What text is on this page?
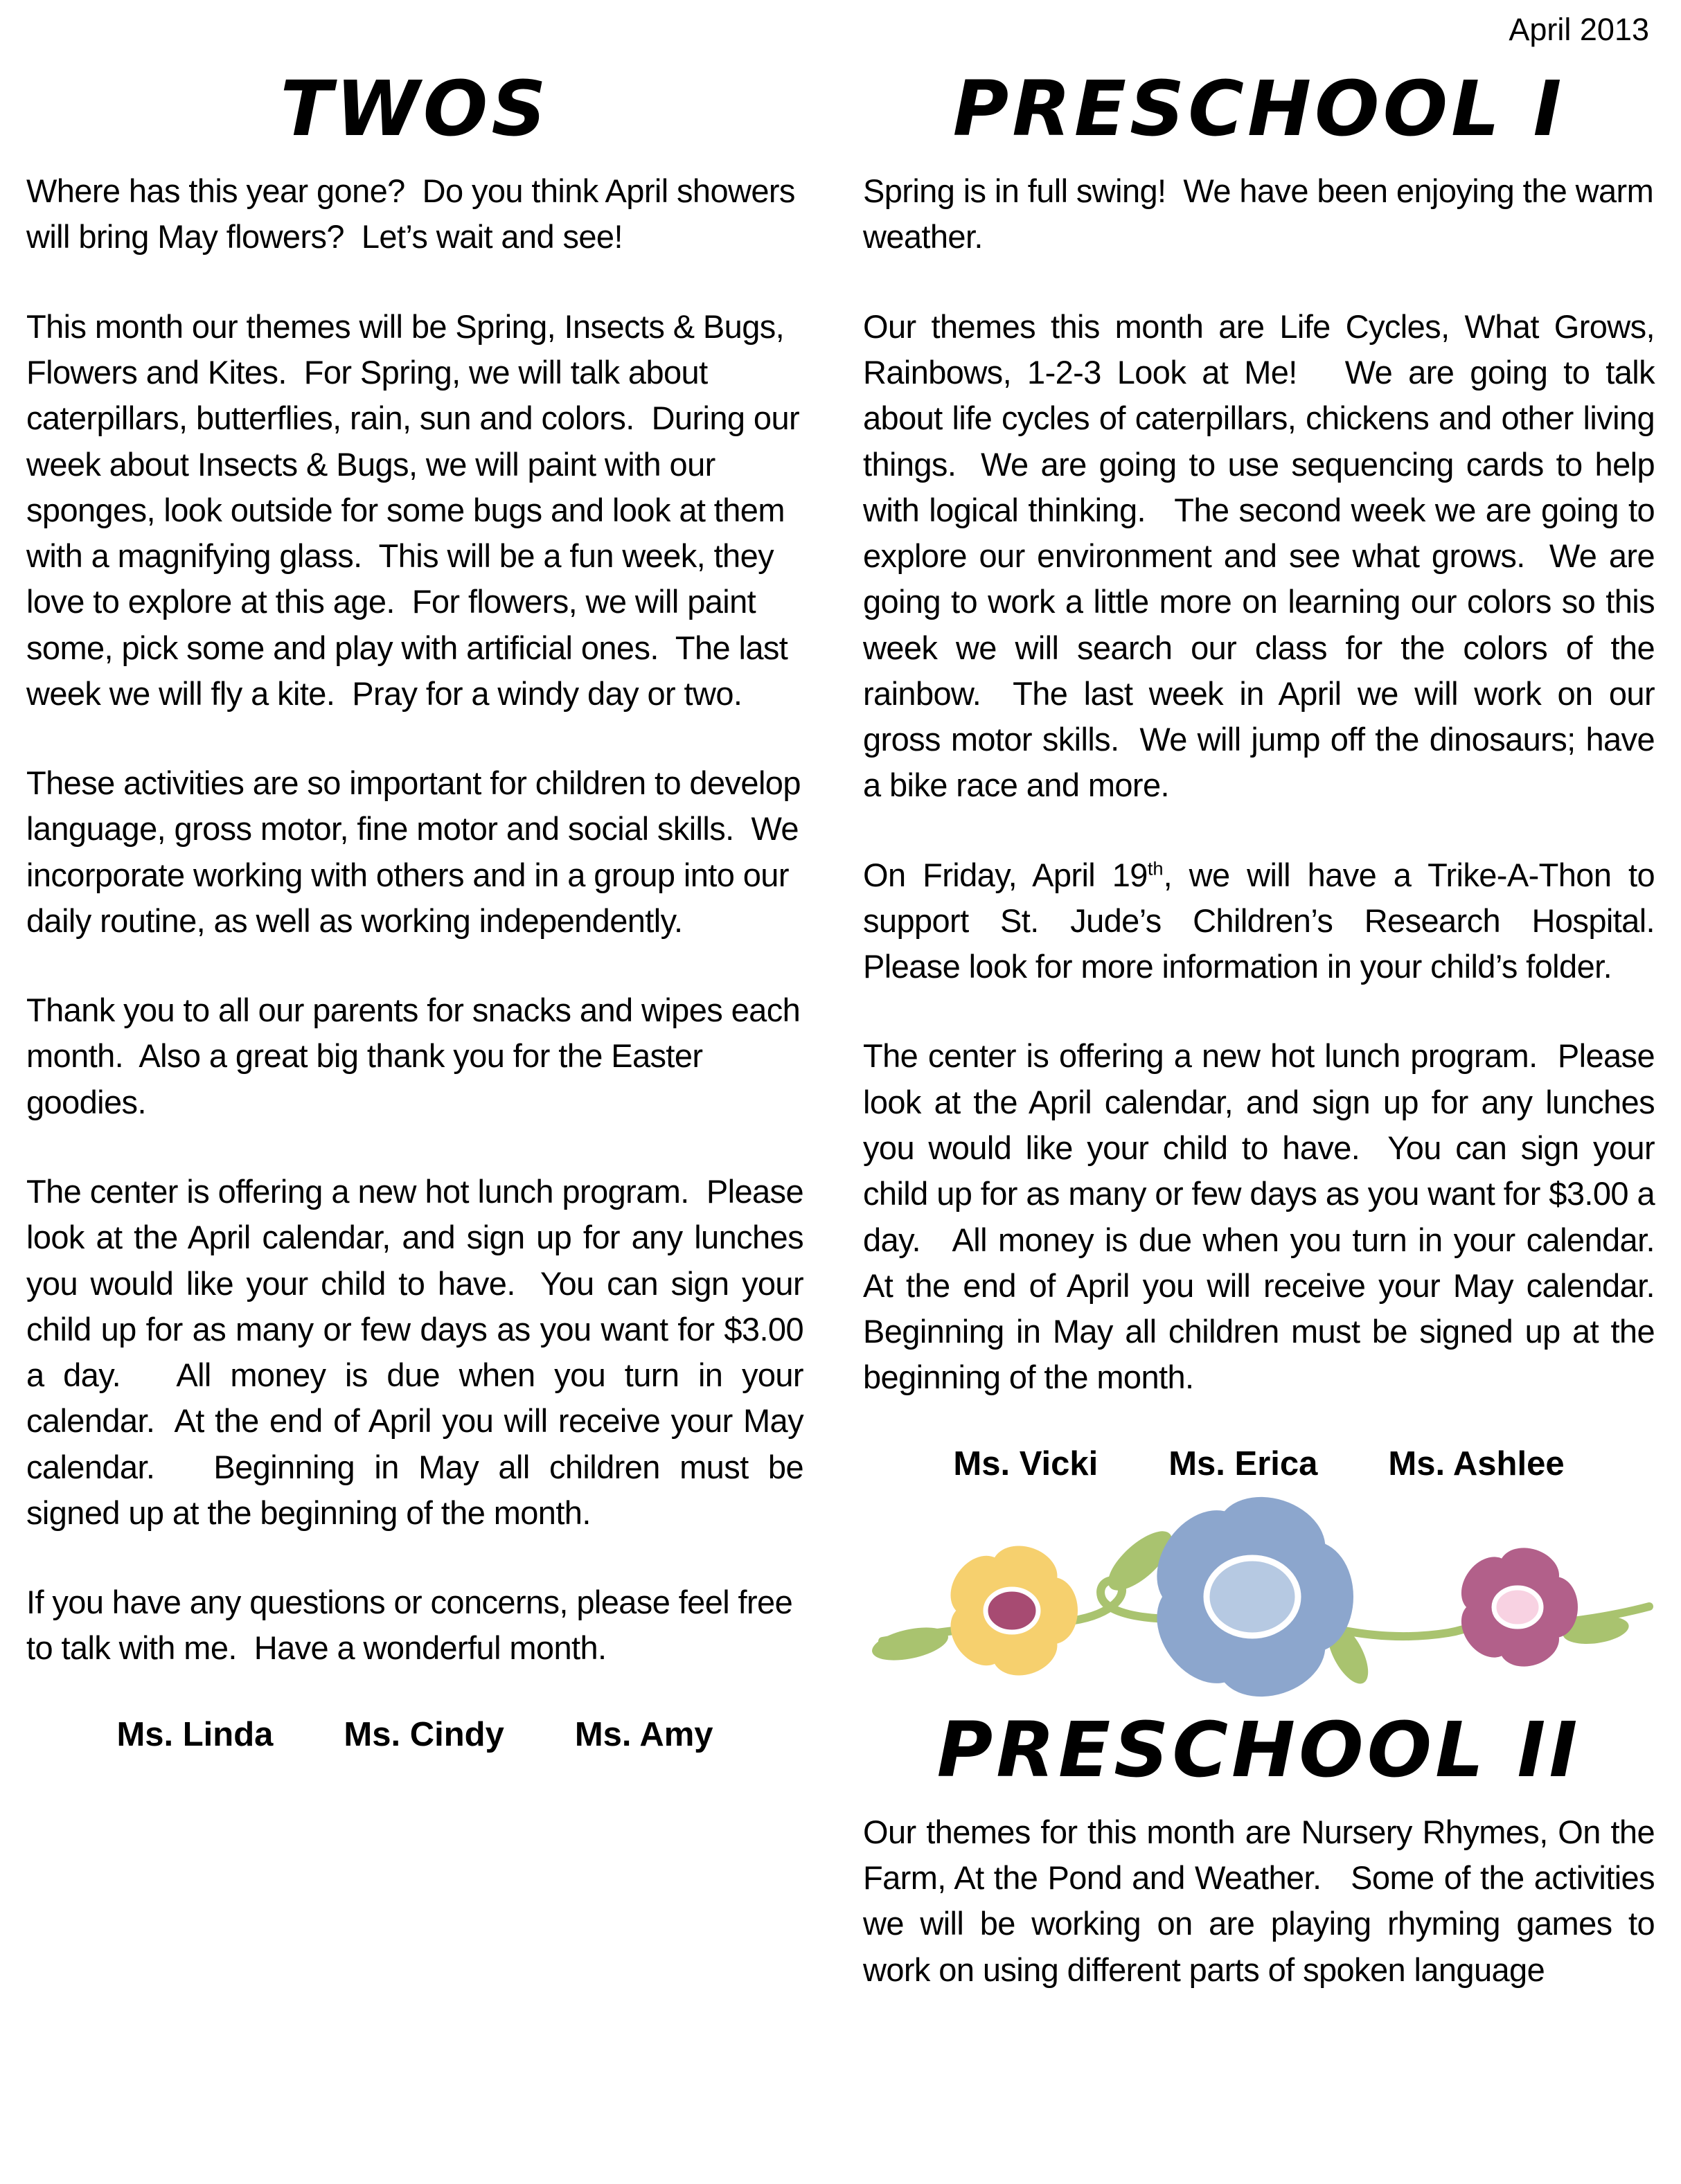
April 2013
TWOS

Where has this year gone?  Do you think April showers will bring May flowers?  Let’s wait and see!

This month our themes will be Spring, Insects & Bugs, Flowers and Kites.  For Spring, we will talk about caterpillars, butterflies, rain, sun and colors.  During our week about Insects & Bugs, we will paint with our sponges, look outside for some bugs and look at them with a magnifying glass.  This will be a fun week, they love to explore at this age.  For flowers, we will paint some, pick some and play with artificial ones.  The last week we will fly a kite.  Pray for a windy day or two.

These activities are so important for children to develop language, gross motor, fine motor and social skills.  We incorporate working with others and in a group into our daily routine, as well as working independently.

Thank you to all our parents for snacks and wipes each month.  Also a great big thank you for the Easter goodies.

The center is offering a new hot lunch program.  Please look at the April calendar, and sign up for any lunches you would like your child to have.  You can sign your child up for as many or few days as you want for $3.00 a day.   All money is due when you turn in your calendar.  At the end of April you will receive your May calendar.   Beginning in May all children must be signed up at the beginning of the month.

If you have any questions or concerns, please feel free to talk with me.  Have a wonderful month.

Ms. Linda Ms. Cindy Ms. Amy
PRESCHOOL I

Spring is in full swing!  We have been enjoying the warm weather.

Our themes this month are Life Cycles, What Grows, Rainbows, 1-2-3 Look at Me!   We are going to talk about life cycles of caterpillars, chickens and other living things.  We are going to use sequencing cards to help with logical thinking.   The second week we are going to explore our environment and see what grows.  We are going to work a little more on learning our colors so this week we will search our class for the colors of the rainbow.  The last week in April we will work on our gross motor skills.  We will jump off the dinosaurs; have a bike race and more.

On Friday, April 19th, we will have a Trike-A-Thon to support St. Jude’s Children’s Research Hospital.   Please look for more information in your child’s folder.

The center is offering a new hot lunch program.  Please look at the April calendar, and sign up for any lunches you would like your child to have.  You can sign your child up for as many or few days as you want for $3.00 a day.   All money is due when you turn in your calendar.  At the end of April you will receive your May calendar.   Beginning in May all children must be signed up at the beginning of the month.

Ms. Vicki Ms. Erica Ms. Ashlee
PRESCHOOL II

Our themes for this month are Nursery Rhymes, On the Farm, At the Pond and Weather.   Some of the activities we will be working on are playing rhyming games to work on using different parts of spoken language
